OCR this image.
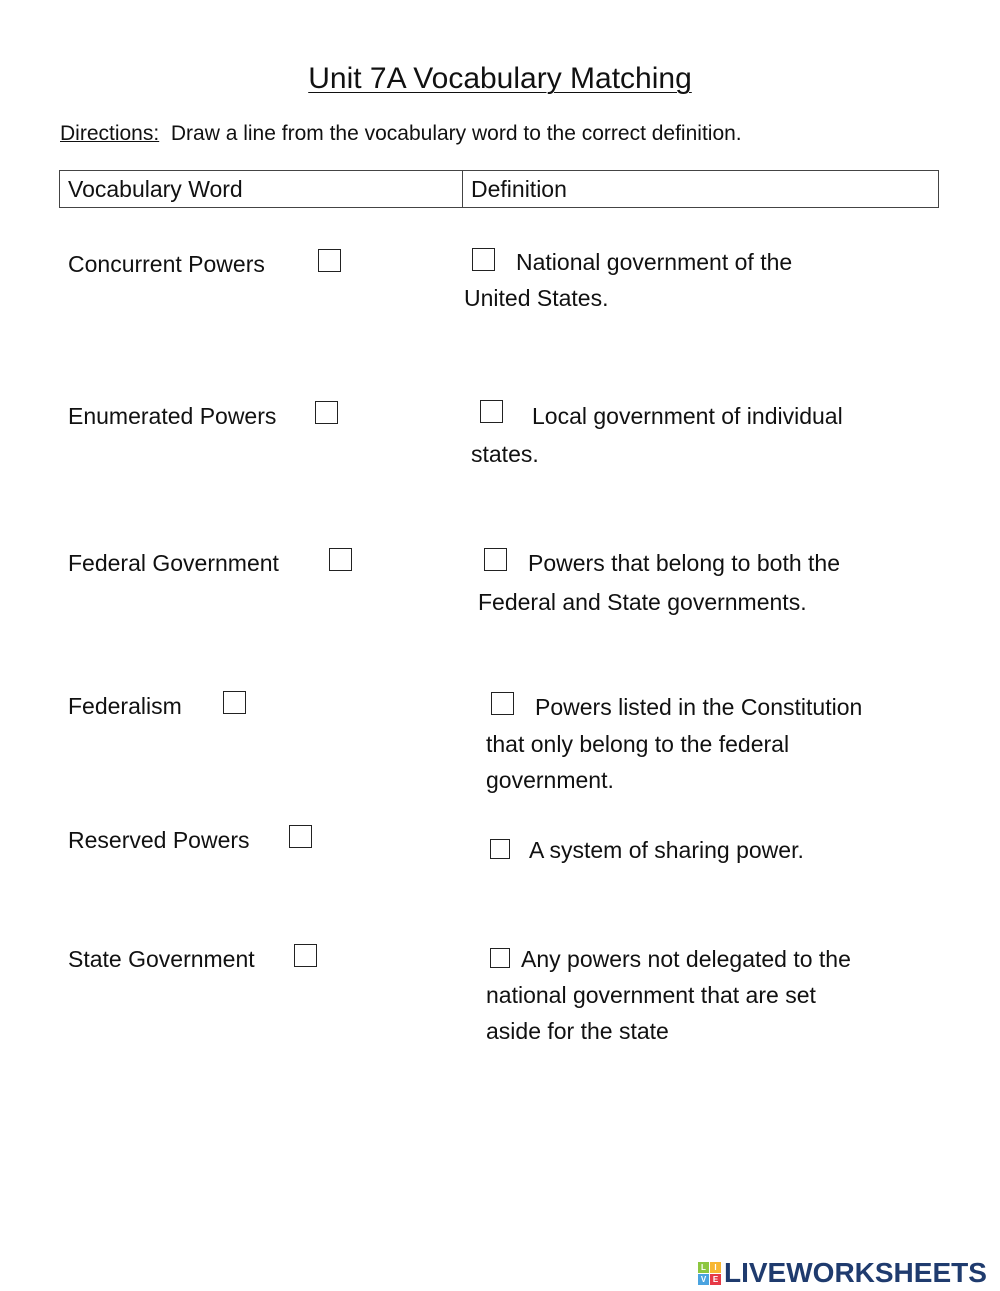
Unit 7A Vocabulary Matching
Directions: Draw a line from the vocabulary word to the correct definition.
Vocabulary Word	Definition
Concurrent Powers
Enumerated Powers
Federal Government
Federalism
Reserved Powers
State Government
National government of the
United States.
Local government of individual
states.
Powers that belong to both the
Federal and State governments.
Powers listed in the Constitution
that only belong to the federal
government.
A system of sharing power.
Any powers not delegated to the
national government that are set
aside for the state
L	I
V E LIVEWORKSHEETS
